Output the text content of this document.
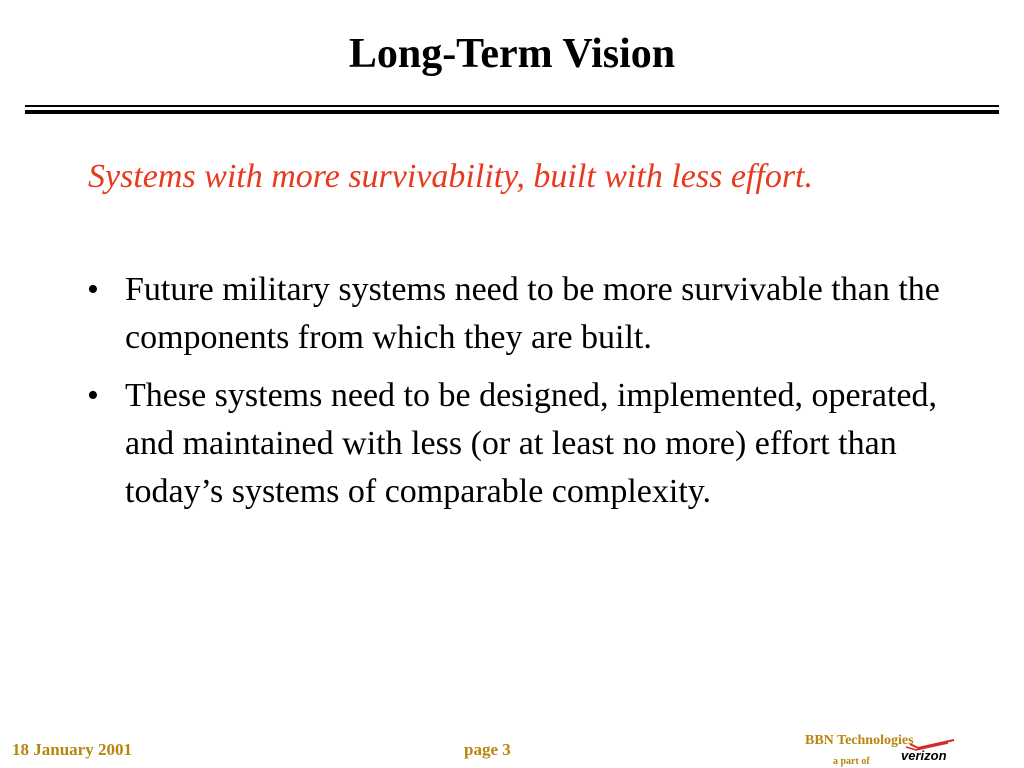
Long-Term Vision
Systems with more survivability, built with less effort.
• Future military systems need to be more survivable than the components from which they are built.
• These systems need to be designed, implemented, operated, and maintained with less (or at least no more) effort than today’s systems of comparable complexity.
18 January 2001	page 3	BBN Technologies
a part of verizon
